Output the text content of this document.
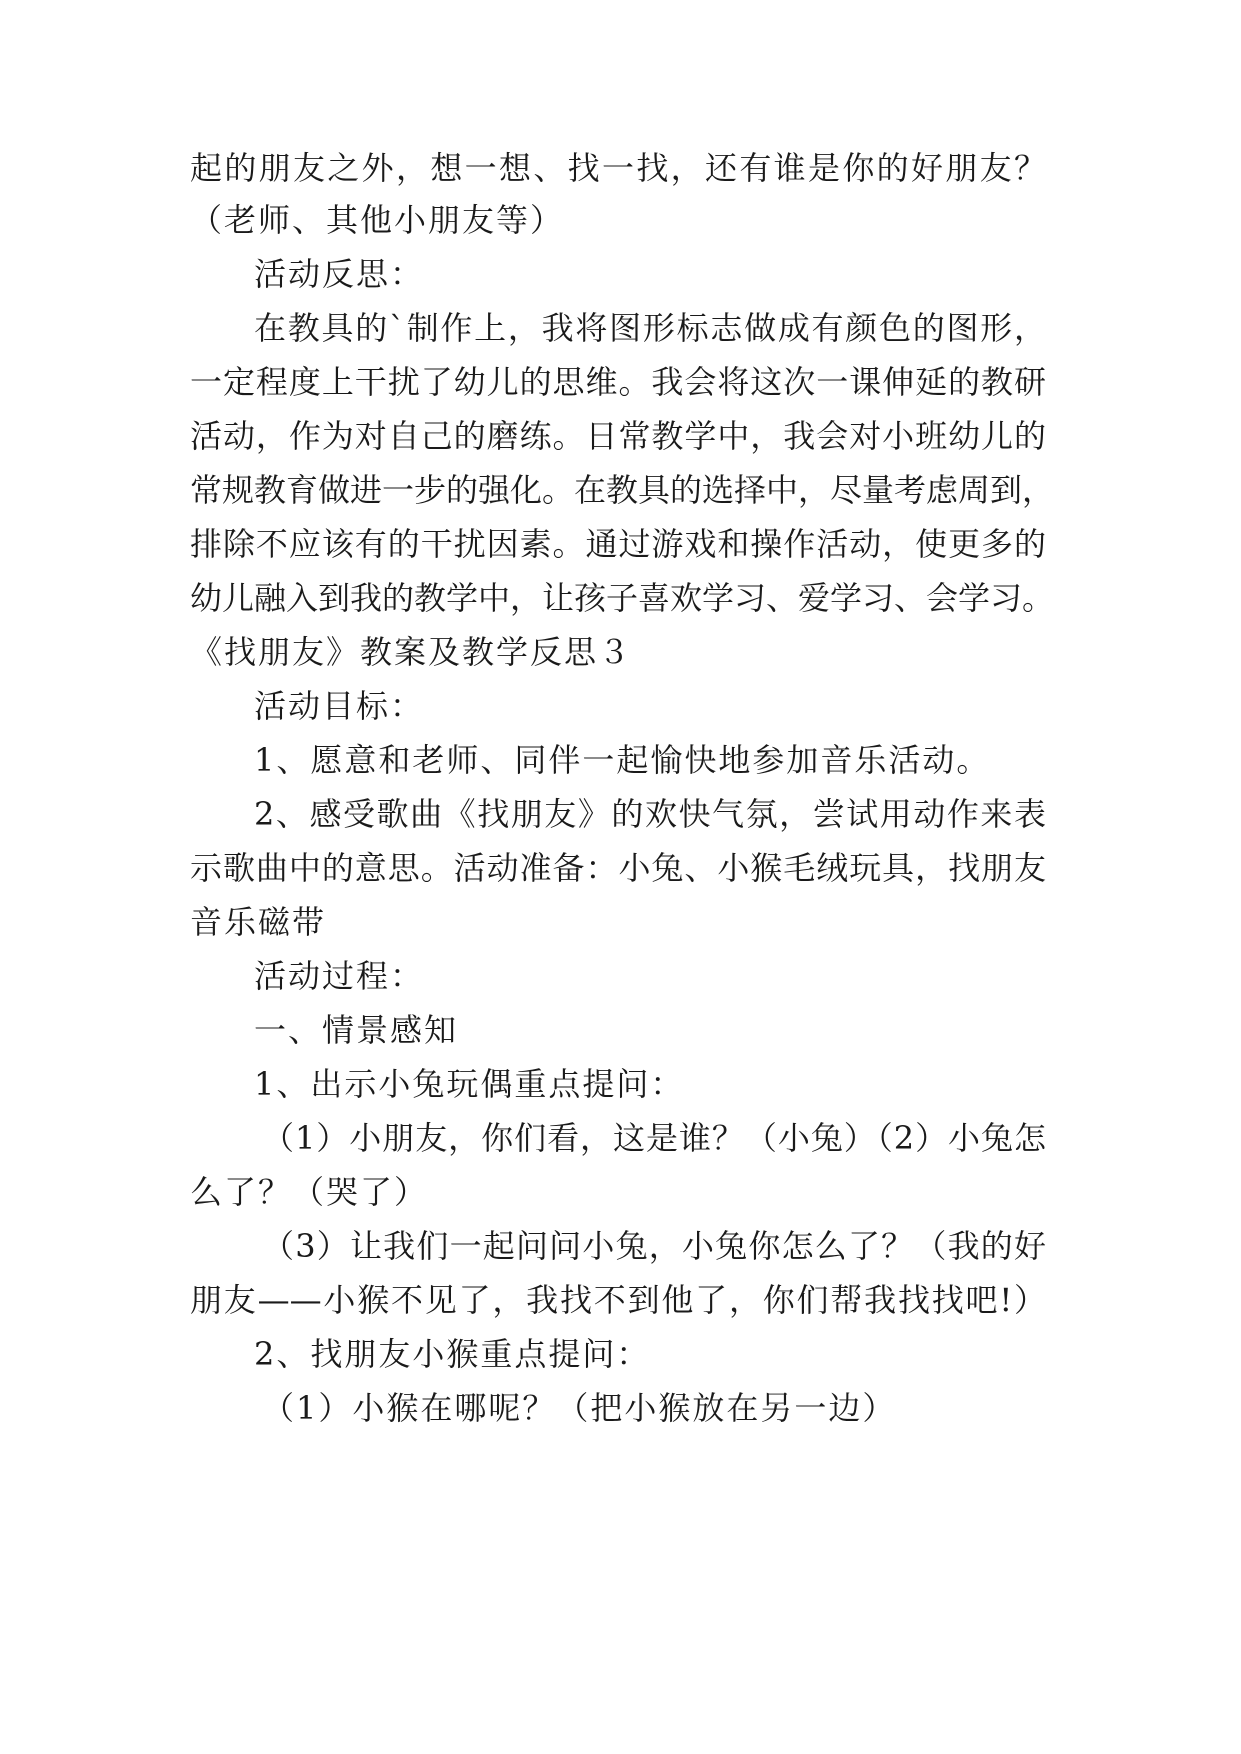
起的朋友之外，想一想、找一找，还有谁是你的好朋友？
（老师、其他小朋友等）
活动反思：
在教具的`制作上，我将图形标志做成有颜色的图形，
一定程度上干扰了幼儿的思维。我会将这次一课伸延的教研
活动，作为对自己的磨练。日常教学中，我会对小班幼儿的
常规教育做进一步的强化。在教具的选择中，尽量考虑周到，
排除不应该有的干扰因素。通过游戏和操作活动，使更多的
幼儿融入到我的教学中，让孩子喜欢学习、爱学习、会学习。
《找朋友》教案及教学反思３
活动目标：
1、愿意和老师、同伴一起愉快地参加音乐活动。
2、感受歌曲《找朋友》的欢快气氛，尝试用动作来表
示歌曲中的意思。活动准备：小兔、小猴毛绒玩具，找朋友
音乐磁带
活动过程：
一、情景感知
1、出示小兔玩偶重点提问：
（1）小朋友，你们看，这是谁？（小兔）（2）小兔怎
么了？（哭了）
（3）让我们一起问问小兔，小兔你怎么了？（我的好
朋友——小猴不见了，我找不到他了，你们帮我找找吧!）
2、找朋友小猴重点提问：
（1）小猴在哪呢？（把小猴放在另一边）
